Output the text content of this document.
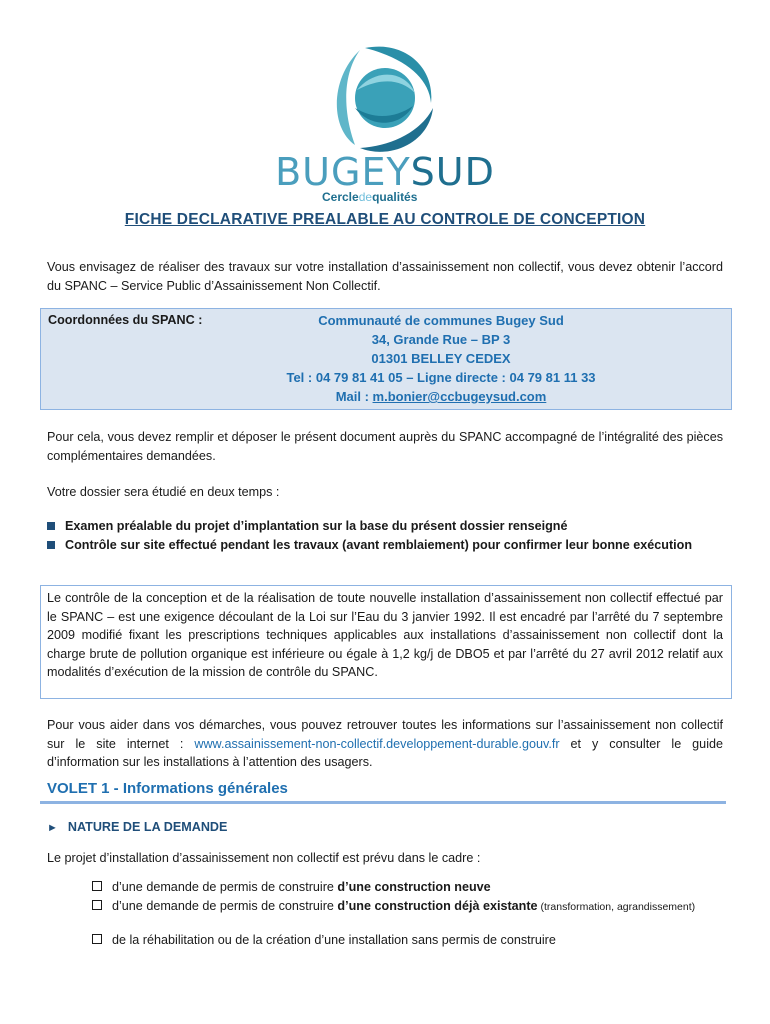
BUGEYSUD
Cercledequalités
FICHE DECLARATIVE PREALABLE AU CONTROLE DE CONCEPTION
Vous envisagez de réaliser des travaux sur votre installation d’assainissement non collectif, vous devez obtenir l’accord du SPANC – Service Public d’Assainissement Non Collectif.
Coordonnées du SPANC :	Communauté de communes Bugey Sud
34, Grande Rue – BP 3
01301 BELLEY CEDEX
Tel : 04 79 81 41 05 – Ligne directe : 04 79 81 11 33
Mail : m.bonier@ccbugeysud.com
Pour cela, vous devez remplir et déposer le présent document auprès du SPANC accompagné de l’intégralité des pièces complémentaires demandées.
Votre dossier sera étudié en deux temps :
Examen préalable du projet d’implantation sur la base du présent dossier renseigné
Contrôle sur site effectué pendant les travaux (avant remblaiement) pour confirmer leur bonne exécution
Le contrôle de la conception et de la réalisation de toute nouvelle installation d’assainissement non collectif effectué par le SPANC – est une exigence découlant de la Loi sur l’Eau du 3 janvier 1992. Il est encadré par l’arrêté du 7 septembre 2009 modifié fixant les prescriptions techniques applicables aux installations d’assainissement non collectif dont la charge brute de pollution organique est inférieure ou égale à 1,2 kg/j de DBO5 et par l’arrêté du 27 avril 2012 relatif aux modalités d’exécution de la mission de contrôle du SPANC.
Pour vous aider dans vos démarches, vous pouvez retrouver toutes les informations sur l’assainissement non collectif sur le site internet : www.assainissement-non-collectif.developpement-durable.gouv.fr et y consulter le guide d’information sur les installations à l’attention des usagers.
VOLET 1 - Informations générales
► NATURE DE LA DEMANDE
Le projet d’installation d’assainissement non collectif est prévu dans le cadre :
d’une demande de permis de construire d’une construction neuve
d’une demande de permis de construire d’une construction déjà existante (transformation, agrandissement)
de la réhabilitation ou de la création d’une installation sans permis de construire
